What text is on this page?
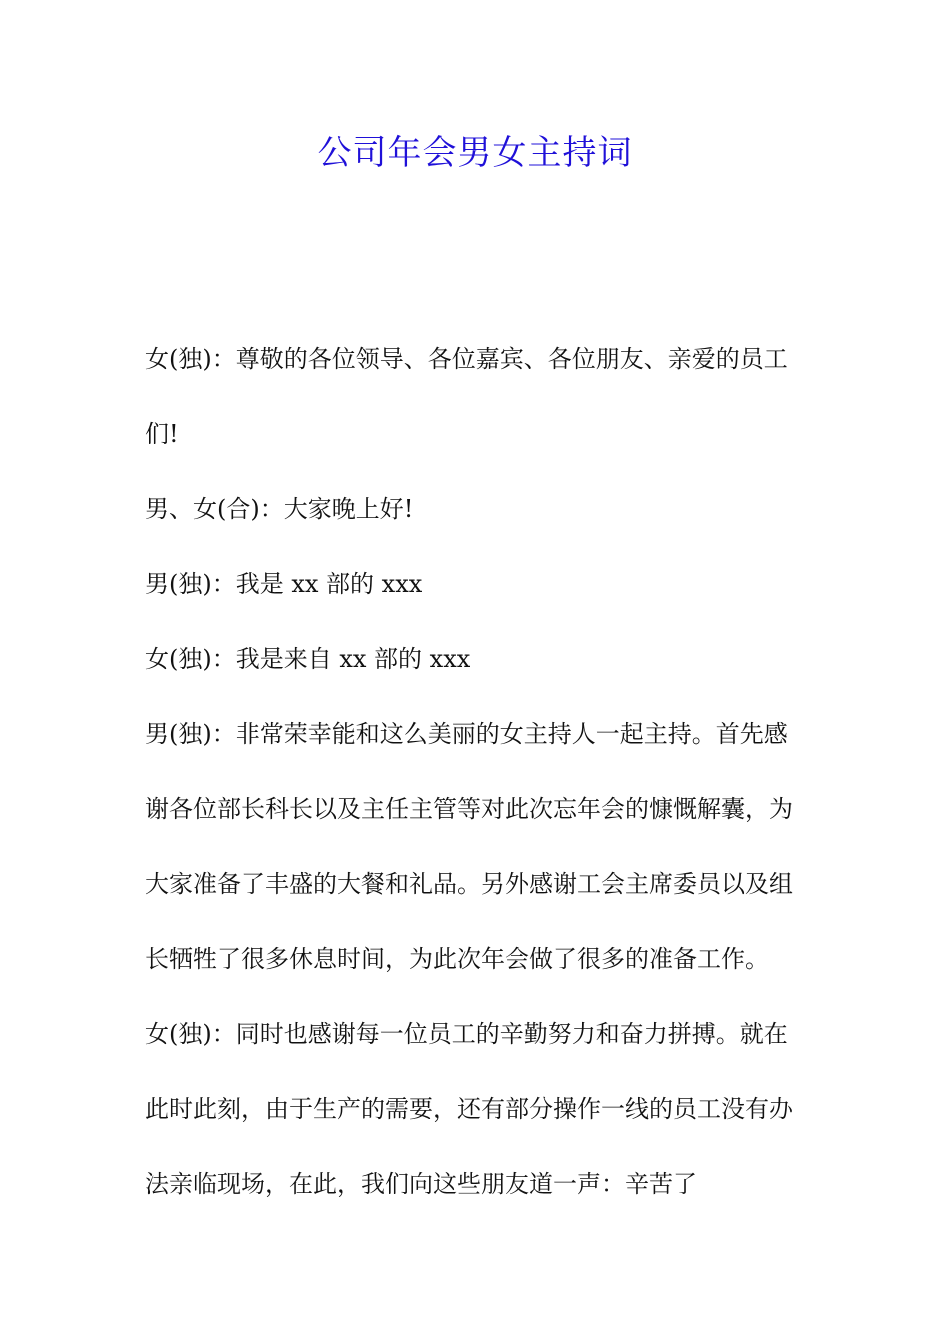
公司年会男女主持词
女(独)：尊敬的各位领导、各位嘉宾、各位朋友、亲爱的员工
们!
男、女(合)：大家晚上好!
男(独)：我是 xx 部的 xxx
女(独)：我是来自 xx 部的 xxx
男(独)：非常荣幸能和这么美丽的女主持人一起主持。首先感
谢各位部长科长以及主任主管等对此次忘年会的慷慨解囊，为
大家准备了丰盛的大餐和礼品。另外感谢工会主席委员以及组
长牺牲了很多休息时间，为此次年会做了很多的准备工作。
女(独)：同时也感谢每一位员工的辛勤努力和奋力拼搏。就在
此时此刻，由于生产的需要，还有部分操作一线的员工没有办
法亲临现场，在此，我们向这些朋友道一声：辛苦了
